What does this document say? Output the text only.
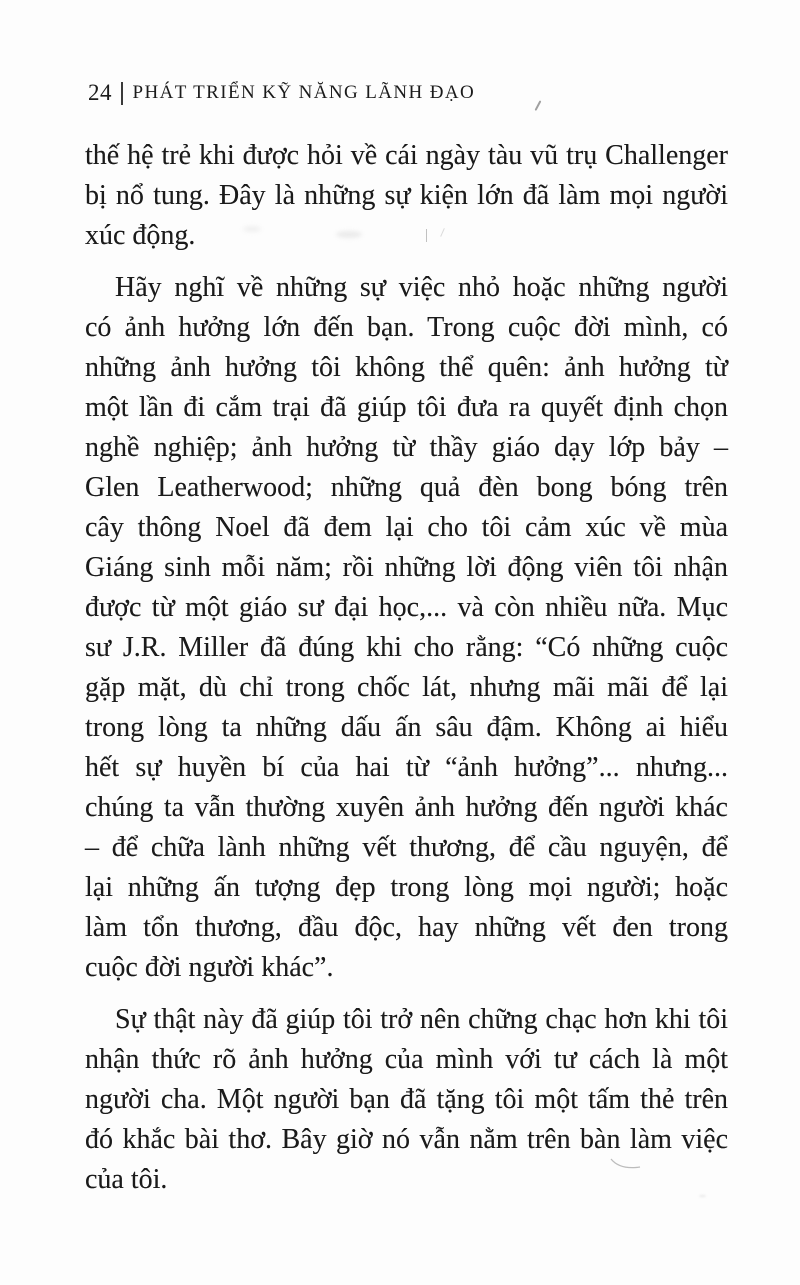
24 PHÁT TRIỂN KỸ NĂNG LÃNH ĐẠO
thế hệ trẻ khi được hỏi về cái ngày tàu vũ trụ Challenger
bị nổ tung. Đây là những sự kiện lớn đã làm mọi người
xúc động.
Hãy nghĩ về những sự việc nhỏ hoặc những người
có ảnh hưởng lớn đến bạn. Trong cuộc đời mình, có
những ảnh hưởng tôi không thể quên: ảnh hưởng từ
một lần đi cắm trại đã giúp tôi đưa ra quyết định chọn
nghề nghiệp; ảnh hưởng từ thầy giáo dạy lớp bảy –
Glen Leatherwood; những quả đèn bong bóng trên
cây thông Noel đã đem lại cho tôi cảm xúc về mùa
Giáng sinh mỗi năm; rồi những lời động viên tôi nhận
được từ một giáo sư đại học,... và còn nhiều nữa. Mục
sư J.R. Miller đã đúng khi cho rằng: “Có những cuộc
gặp mặt, dù chỉ trong chốc lát, nhưng mãi mãi để lại
trong lòng ta những dấu ấn sâu đậm. Không ai hiểu
hết sự huyền bí của hai từ “ảnh hưởng”... nhưng...
chúng ta vẫn thường xuyên ảnh hưởng đến người khác
– để chữa lành những vết thương, để cầu nguyện, để
lại những ấn tượng đẹp trong lòng mọi người; hoặc
làm tổn thương, đầu độc, hay những vết đen trong
cuộc đời người khác”.
Sự thật này đã giúp tôi trở nên chững chạc hơn khi tôi
nhận thức rõ ảnh hưởng của mình với tư cách là một
người cha. Một người bạn đã tặng tôi một tấm thẻ trên
đó khắc bài thơ. Bây giờ nó vẫn nằm trên bàn làm việc
của tôi.
